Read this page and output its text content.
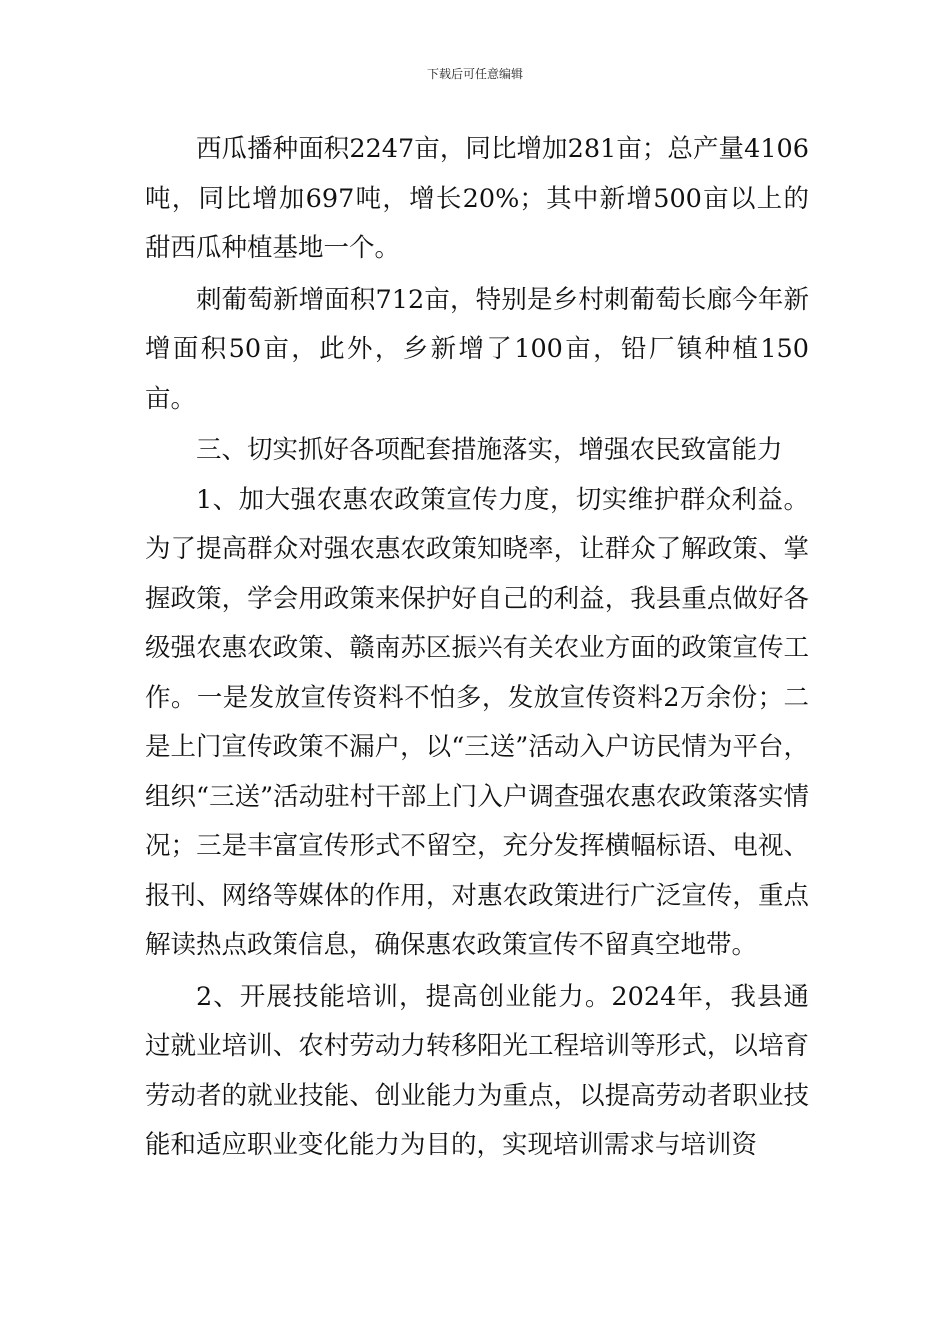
下载后可任意编辑

西瓜播种面积2247亩，同比增加281亩；总产量4106吨，同比增加697吨，增长20%；其中新增500亩以上的甜西瓜种植基地一个。

刺葡萄新增面积712亩，特别是乡村刺葡萄长廊今年新增面积50亩，此外，乡新增了100亩，铅厂镇种植150亩。

三、切实抓好各项配套措施落实，增强农民致富能力

1、加大强农惠农政策宣传力度，切实维护群众利益。为了提高群众对强农惠农政策知晓率，让群众了解政策、掌握政策，学会用政策来保护好自己的利益，我县重点做好各级强农惠农政策、赣南苏区振兴有关农业方面的政策宣传工作。一是发放宣传资料不怕多，发放宣传资料2万余份；二是上门宣传政策不漏户，以“三送”活动入户访民情为平台，组织“三送”活动驻村干部上门入户调查强农惠农政策落实情况；三是丰富宣传形式不留空，充分发挥横幅标语、电视、报刊、网络等媒体的作用，对惠农政策进行广泛宣传，重点解读热点政策信息，确保惠农政策宣传不留真空地带。

2、开展技能培训，提高创业能力。2024年，我县通过就业培训、农村劳动力转移阳光工程培训等形式，以培育劳动者的就业技能、创业能力为重点，以提高劳动者职业技能和适应职业变化能力为目的，实现培训需求与培训资
